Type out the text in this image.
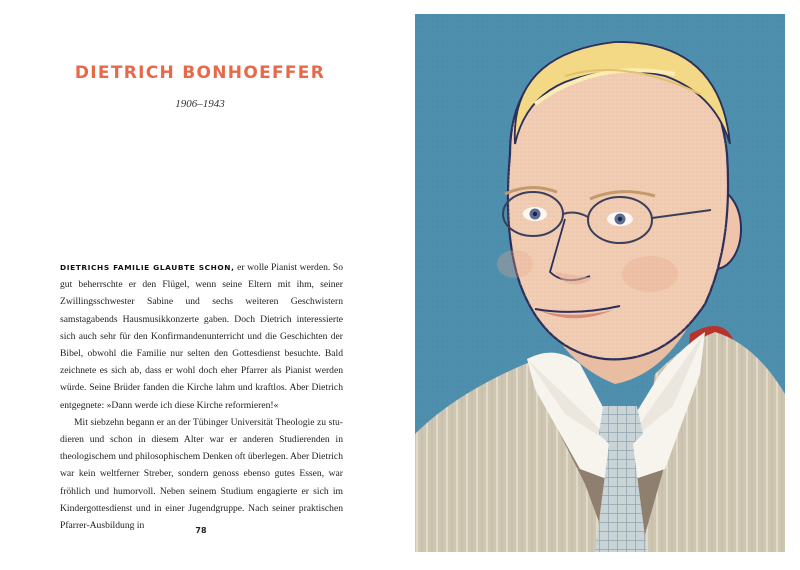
DIETRICH BONHOEFFER
1906–1943

DIETRICHS FAMILIE GLAUBTE SCHON, er wolle Pianist werden. So gut beherrschte er den Flügel, wenn seine Eltern mit ihm, seiner Zwillingsschwester Sabine und sechs weiteren Geschwistern samstagabends Hausmusikkonzerte gaben. Doch Dietrich interessierte sich auch sehr für den Konfirmandenunterricht und die Geschichten der Bibel, obwohl die Familie nur selten den Gottesdienst besuchte. Bald zeichnete es sich ab, dass er wohl doch eher Pfarrer als Pianist werden würde. Seine Brüder fanden die Kirche lahm und kraftlos. Aber Dietrich entgegnete: »Dann werde ich diese Kirche reformieren!«

Mit siebzehn begann er an der Tübinger Universität Theologie zu studieren und schon in diesem Alter war er anderen Studierenden in theologischem und philosophischem Denken oft überlegen. Aber Dietrich war kein weltferner Streber, sondern genoss ebenso gutes Essen, war fröhlich und humorvoll. Neben seinem Studium engagierte er sich im Kindergottesdienst und in einer Jugendgruppe. Nach seiner praktischen Pfarrer-Ausbildung in	78
